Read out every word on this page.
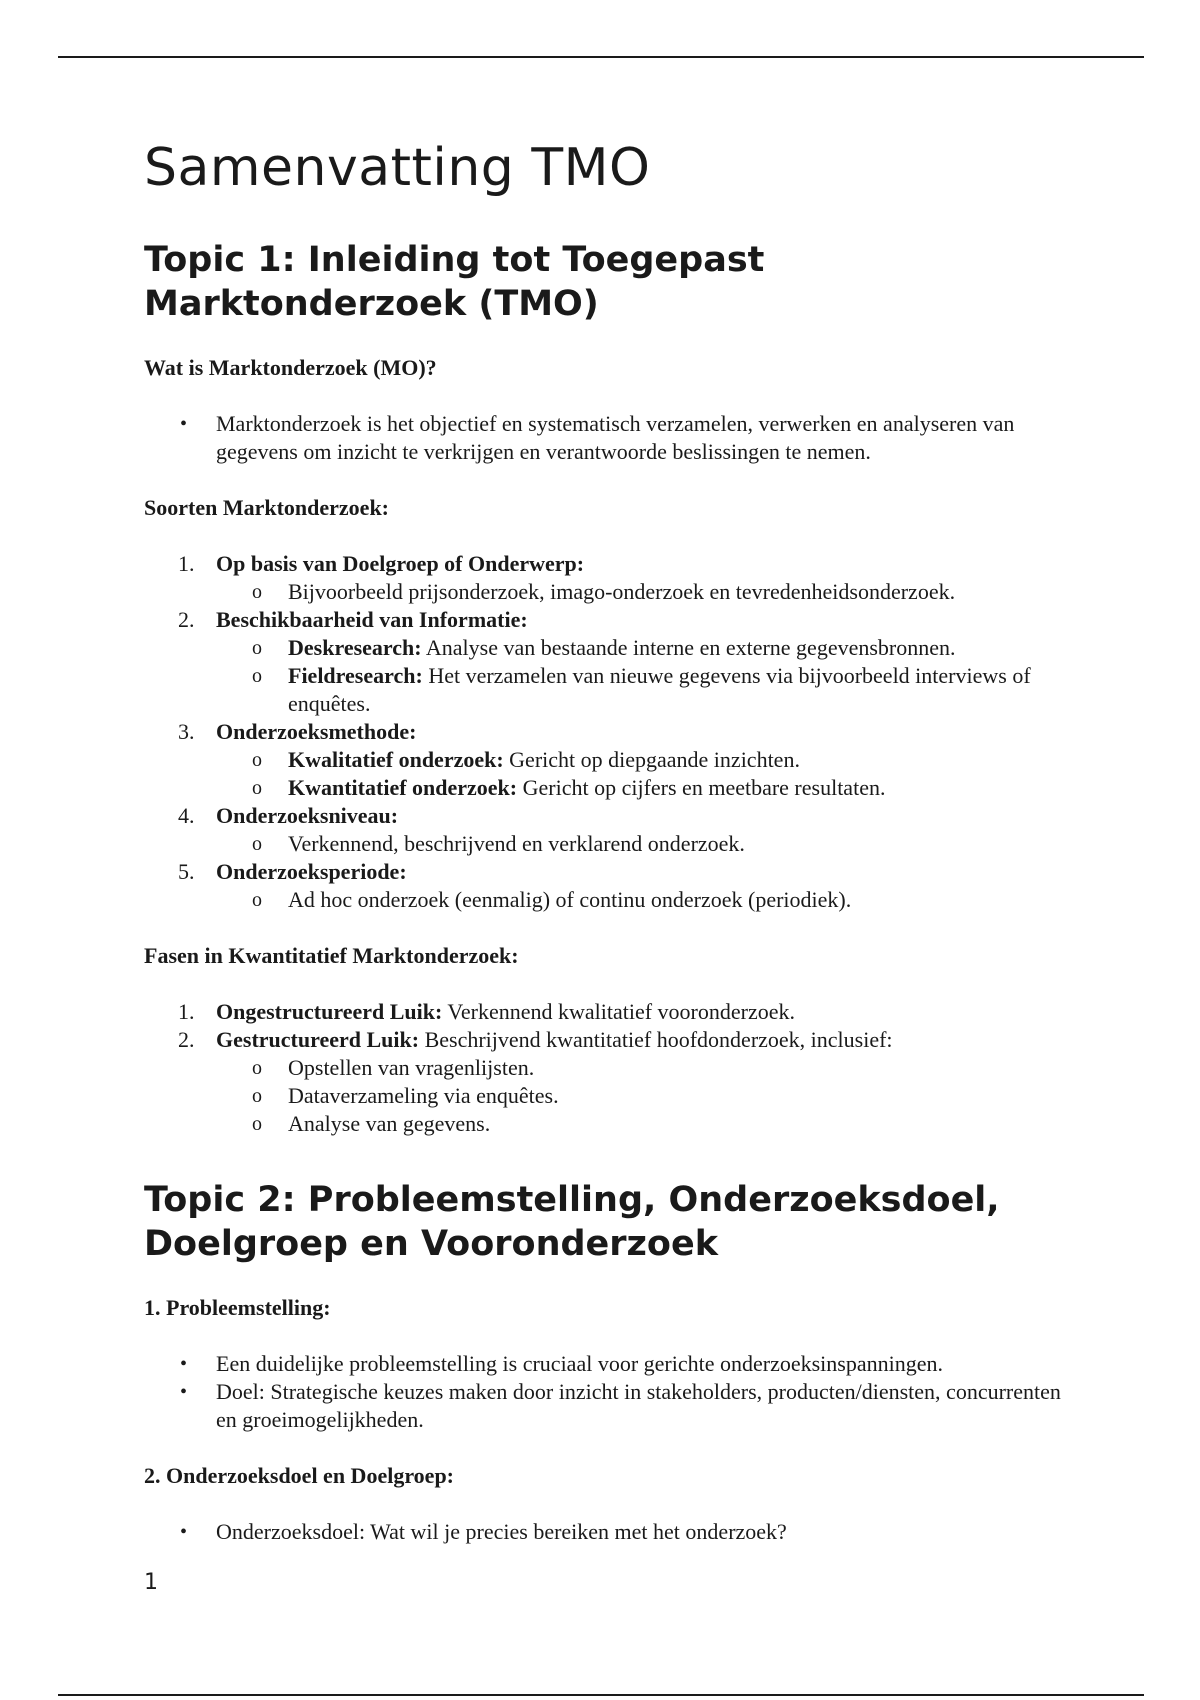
Samenvatting TMO
Topic 1: Inleiding tot Toegepast
Marktonderzoek (TMO)
Wat is Marktonderzoek (MO)?
• Marktonderzoek is het objectief en systematisch verzamelen, verwerken en analyseren van gegevens om inzicht te verkrijgen en verantwoorde beslissingen te nemen.
Soorten Marktonderzoek:
1. Op basis van Doelgroep of Onderwerp:
o Bijvoorbeeld prijsonderzoek, imago-onderzoek en tevredenheidsonderzoek.
2. Beschikbaarheid van Informatie:
o Deskresearch: Analyse van bestaande interne en externe gegevensbronnen.
o Fieldresearch: Het verzamelen van nieuwe gegevens via bijvoorbeeld interviews of enquêtes.
3. Onderzoeksmethode:
o Kwalitatief onderzoek: Gericht op diepgaande inzichten.
o Kwantitatief onderzoek: Gericht op cijfers en meetbare resultaten.
4. Onderzoeksniveau:
o Verkennend, beschrijvend en verklarend onderzoek.
5. Onderzoeksperiode:
o Ad hoc onderzoek (eenmalig) of continu onderzoek (periodiek).
Fasen in Kwantitatief Marktonderzoek:
1. Ongestructureerd Luik: Verkennend kwalitatief vooronderzoek.
2. Gestructureerd Luik: Beschrijvend kwantitatief hoofdonderzoek, inclusief:
o Opstellen van vragenlijsten.
o Dataverzameling via enquêtes.
o Analyse van gegevens.
Topic 2: Probleemstelling, Onderzoeksdoel,
Doelgroep en Vooronderzoek
1. Probleemstelling:
• Een duidelijke probleemstelling is cruciaal voor gerichte onderzoeksinspanningen.
• Doel: Strategische keuzes maken door inzicht in stakeholders, producten/diensten, concurrenten en groeimogelijkheden.
2. Onderzoeksdoel en Doelgroep:
• Onderzoeksdoel: Wat wil je precies bereiken met het onderzoek?
1
